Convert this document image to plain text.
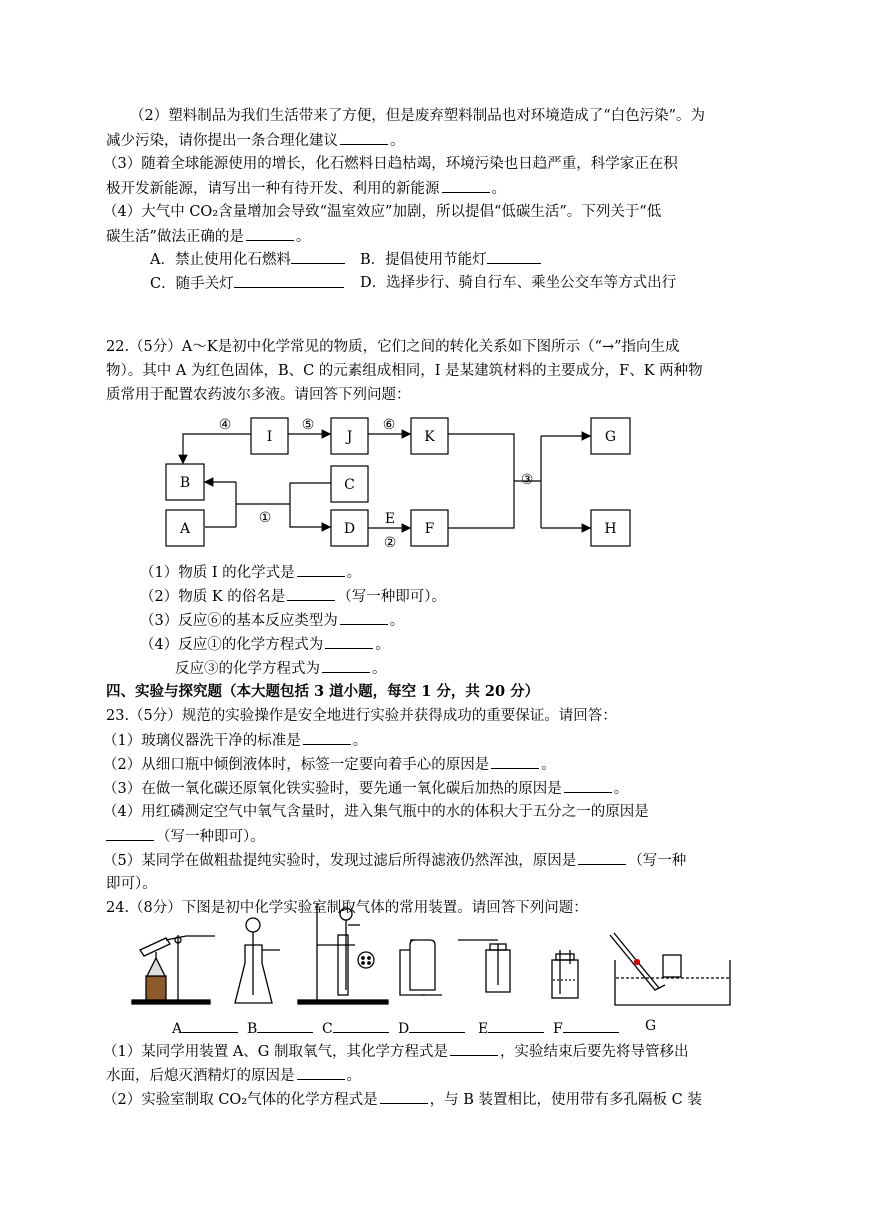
（2）塑料制品为我们生活带来了方便，但是废弃塑料制品也对环境造成了“白色污染”。为
减少污染，请你提出一条合理化建议	。
（3）随着全球能源使用的增长，化石燃料日趋枯竭，环境污染也日趋严重，科学家正在积
极开发新能源，请写出一种有待开发、利用的新能源	。
（4）大气中 CO₂含量增加会导致“温室效应”加剧，所以提倡“低碳生活”。下列关于“低
碳生活”做法正确的是	。
A．禁止使用化石燃料	B．提倡使用节能灯
C．随手关灯	D．选择步行、骑自行车、乘坐公交车等方式出行
22.（5分）A～K是初中化学常见的物质，它们之间的转化关系如下图所示（“→”指向生成
物）。其中 A 为红色固体，B、C 的元素组成相同，I 是某建筑材料的主要成分，F、K 两种物
质常用于配置农药波尔多液。请回答下列问题：
I	J	K	G
B	C
A	D	F	H
④	⑤	⑥
③
①	E
②
（1）物质 I 的化学式是	。
（2）物质 K 的俗名是	（写一种即可）。
（3）反应⑥的基本反应类型为	。
（4）反应①的化学方程式为	。
反应③的化学方程式为	。
四、实验与探究题（本大题包括 3 道小题，每空 1 分，共 20 分）
23.（5分）规范的实验操作是安全地进行实验并获得成功的重要保证。请回答：
（1）玻璃仪器洗干净的标准是	。
（2）从细口瓶中倾倒液体时，标签一定要向着手心的原因是	。
（3）在做一氧化碳还原氧化铁实验时，要先通一氧化碳后加热的原因是	。
（4）用红磷测定空气中氧气含量时，进入集气瓶中的水的体积大于五分之一的原因是
（写一种即可）。
（5）某同学在做粗盐提纯实验时，发现过滤后所得滤液仍然浑浊，原因是	（写一种
即可）。
24.（8分）下图是初中化学实验室制取气体的常用装置。请回答下列问题：
A	B	C	D	E	F	G
（1）某同学用装置 A、G 制取氧气，其化学方程式是	，实验结束后要先将导管移出
水面，后熄灭酒精灯的原因是	。
（2）实验室制取 CO₂气体的化学方程式是	，与 B 装置相比，使用带有多孔隔板 C 装
